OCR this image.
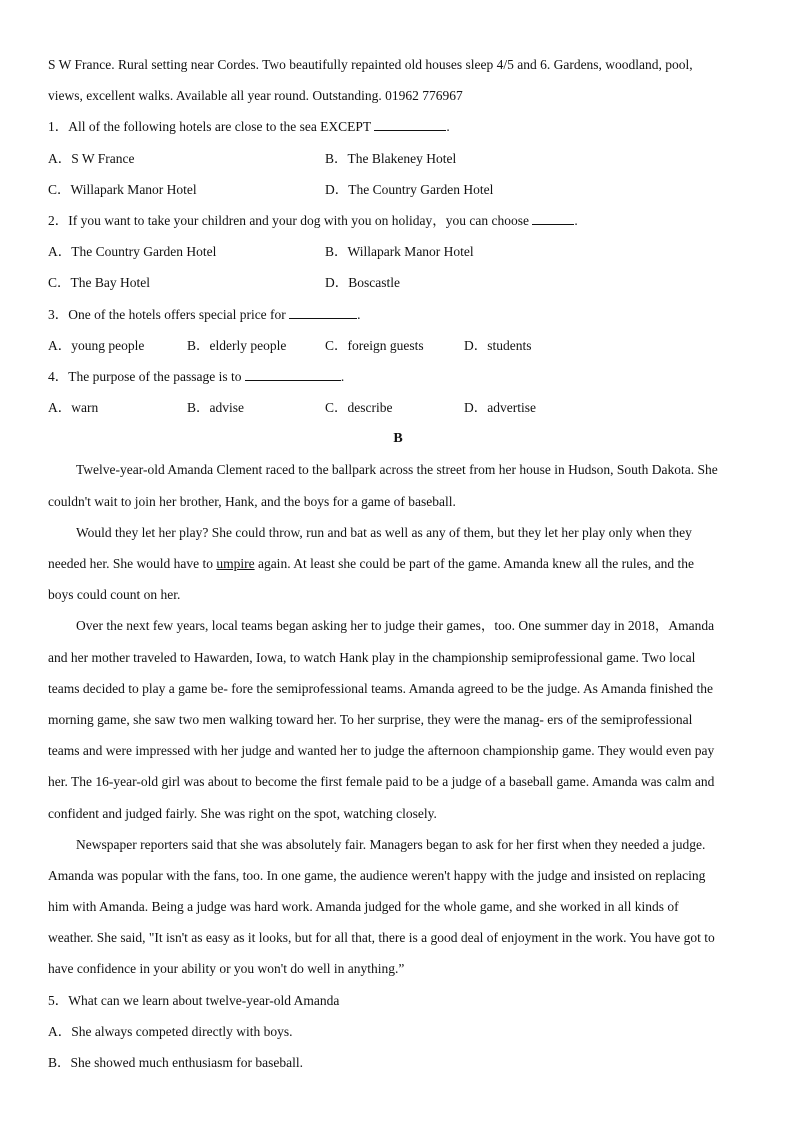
S W France. Rural setting near Cordes. Two beautifully repainted old houses sleep 4/5 and 6. Gardens, woodland, pool,
views, excellent walks. Available all year round. Outstanding. 01962 776967
1．All of the following hotels are close to the sea EXCEPT	.
A．S W France	B．The Blakeney Hotel
C．Willapark Manor Hotel	D．The Country Garden Hotel
2．If you want to take your children and your dog with you on holiday，you can choose	.
A．The Country Garden Hotel	B．Willapark Manor Hotel
C．The Bay Hotel	D．Boscastle
3．One of the hotels offers special price for	.
A．young people	B．elderly people	C．foreign guests	D．students
4．The purpose of the passage is to	.
A．warn	B．advise	C．describe	D．advertise
B
Twelve-year-old Amanda Clement raced to the ballpark across the street from her house in Hudson, South Dakota. She
couldn't wait to join her brother, Hank, and the boys for a game of baseball.
Would they let her play? She could throw, run and bat as well as any of them, but they let her play only when they
needed her. She would have to umpire again. At least she could be part of the game. Amanda knew all the rules, and the
boys could count on her.
Over the next few years, local teams began asking her to judge their games，too. One summer day in 2018，Amanda
and her mother traveled to Hawarden, Iowa, to watch Hank play in the championship semiprofessional game. Two local
teams decided to play a game be- fore the semiprofessional teams. Amanda agreed to be the judge. As Amanda finished the
morning game, she saw two men walking toward her. To her surprise, they were the manag- ers of the semiprofessional
teams and were impressed with her judge and wanted her to judge the afternoon championship game. They would even pay
her. The 16-year-old girl was about to become the first female paid to be a judge of a baseball game. Amanda was calm and
confident and judged fairly. She was right on the spot, watching closely.
Newspaper reporters said that she was absolutely fair. Managers began to ask for her first when they needed a judge.
Amanda was popular with the fans, too. In one game, the audience weren't happy with the judge and insisted on replacing
him with Amanda. Being a judge was hard work. Amanda judged for the whole game, and she worked in all kinds of
weather. She said, "It isn't as easy as it looks, but for all that, there is a good deal of enjoyment in the work. You have got to
have confidence in your ability or you won't do well in anything.”
5．What can we learn about twelve-year-old Amanda
A．She always competed directly with boys.
B．She showed much enthusiasm for baseball.
